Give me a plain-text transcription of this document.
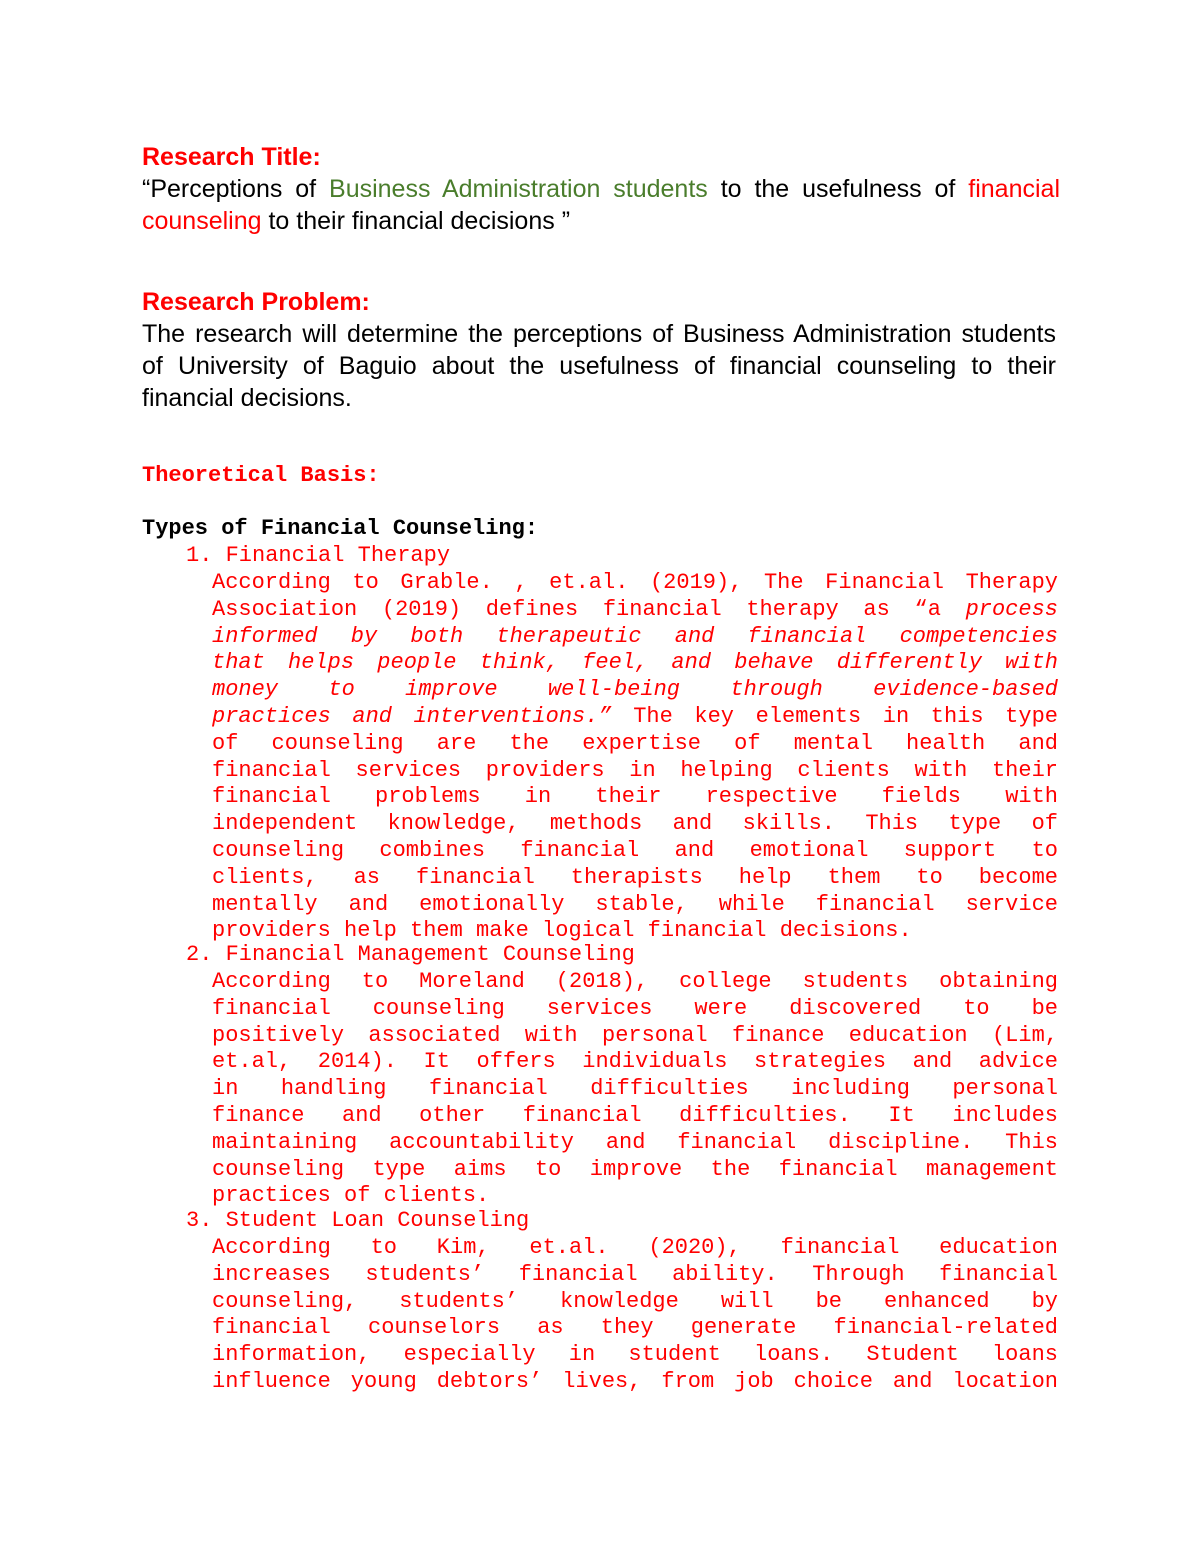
Research Title:
“Perceptions of Business Administration students to the usefulness of financial counseling to their financial decisions ”
Research Problem:
The research will determine the perceptions of Business Administration students of University of Baguio about the usefulness of financial counseling to their financial decisions.
Theoretical Basis:
Types of Financial Counseling:
1. Financial Therapy
According to Grable. , et.al. (2019), The Financial Therapy
Association (2019) defines financial therapy as “a process
informed by both therapeutic and financial competencies
that helps people think, feel, and behave differently with
money to improve well-being through evidence-based
practices and interventions.” The key elements in this type
of counseling are the expertise of mental health and
financial services providers in helping clients with their
financial problems in their respective fields with
independent knowledge, methods and skills. This type of
counseling combines financial and emotional support to
clients, as financial therapists help them to become
mentally and emotionally stable, while financial service
providers help them make logical financial decisions.
2. Financial Management Counseling
According to Moreland (2018), college students obtaining
financial counseling services were discovered to be
positively associated with personal finance education (Lim,
et.al, 2014). It offers individuals strategies and advice
in handling financial difficulties including personal
finance and other financial difficulties. It includes
maintaining accountability and financial discipline. This
counseling type aims to improve the financial management
practices of clients.
3. Student Loan Counseling
According to Kim, et.al. (2020), financial education
increases students’ financial ability. Through financial
counseling, students’ knowledge will be enhanced by
financial counselors as they generate financial-related
information, especially in student loans. Student loans
influence young debtors’ lives, from job choice and location
